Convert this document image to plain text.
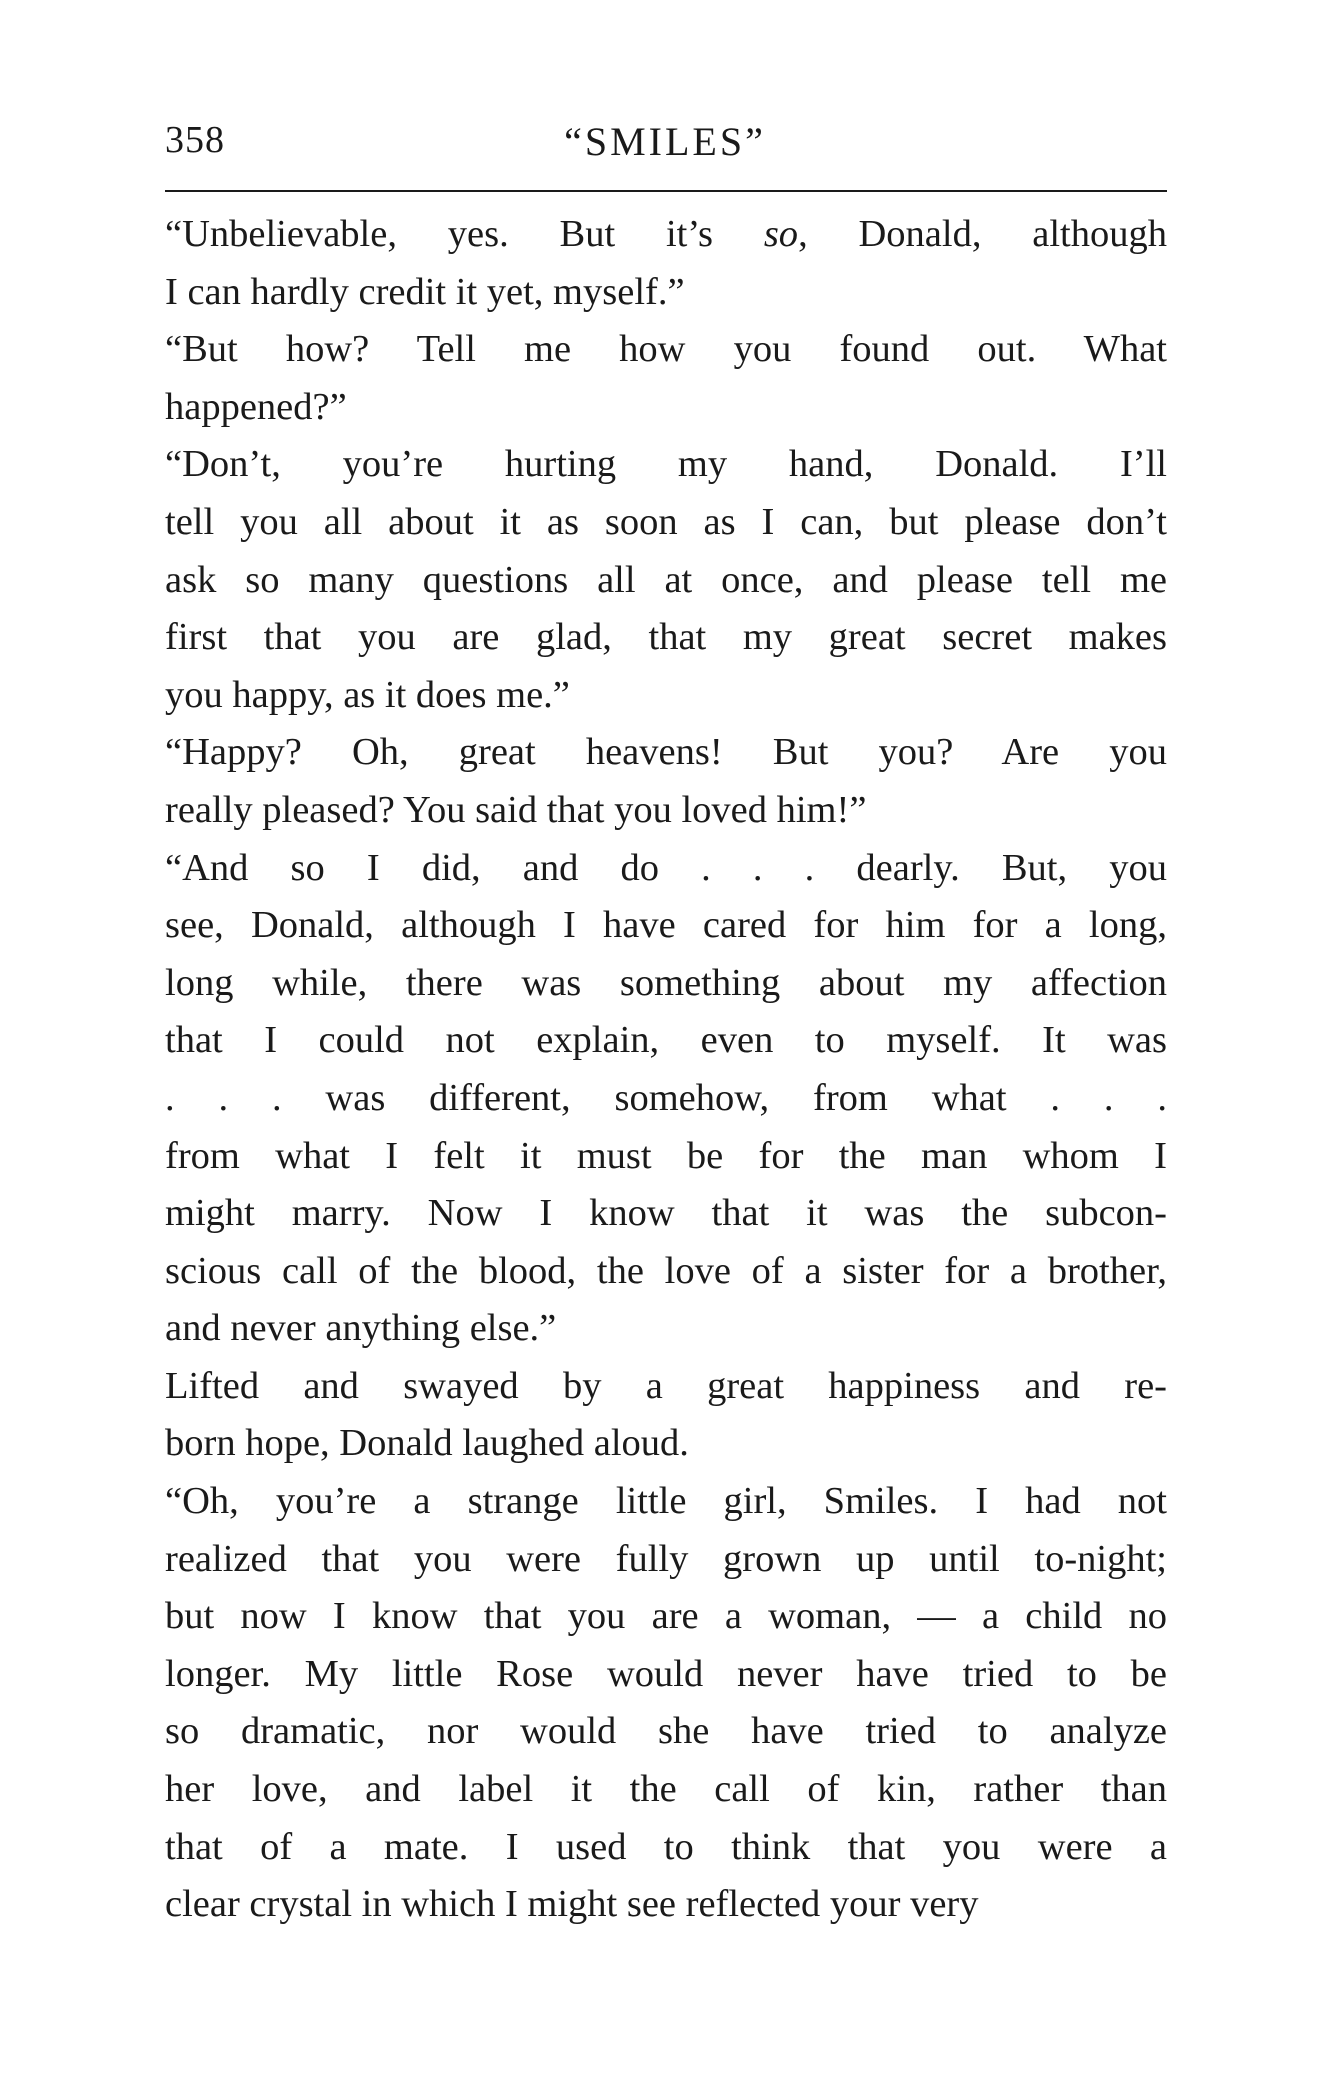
358	“SMILES”
“Unbelievable, yes. But it’s so, Donald, although
I can hardly credit it yet, myself.”
“But how? Tell me how you found out. What
happened?”
“Don’t, you’re hurting my hand, Donald. I’ll
tell you all about it as soon as I can, but please don’t
ask so many questions all at once, and please tell me
first that you are glad, that my great secret makes
you happy, as it does me.”
“Happy? Oh, great heavens! But you? Are you
really pleased? You said that you loved him!”
“And so I did, and do . . . dearly. But, you
see, Donald, although I have cared for him for a long,
long while, there was something about my affection
that I could not explain, even to myself. It was
. . . was different, somehow, from what . . .
from what I felt it must be for the man whom I
might marry. Now I know that it was the subcon-
scious call of the blood, the love of a sister for a brother,
and never anything else.”
Lifted and swayed by a great happiness and re-
born hope, Donald laughed aloud.
“Oh, you’re a strange little girl, Smiles. I had not
realized that you were fully grown up until to-night;
but now I know that you are a woman, — a child no
longer. My little Rose would never have tried to be
so dramatic, nor would she have tried to analyze
her love, and label it the call of kin, rather than
that of a mate. I used to think that you were a
clear crystal in which I might see reflected your very
